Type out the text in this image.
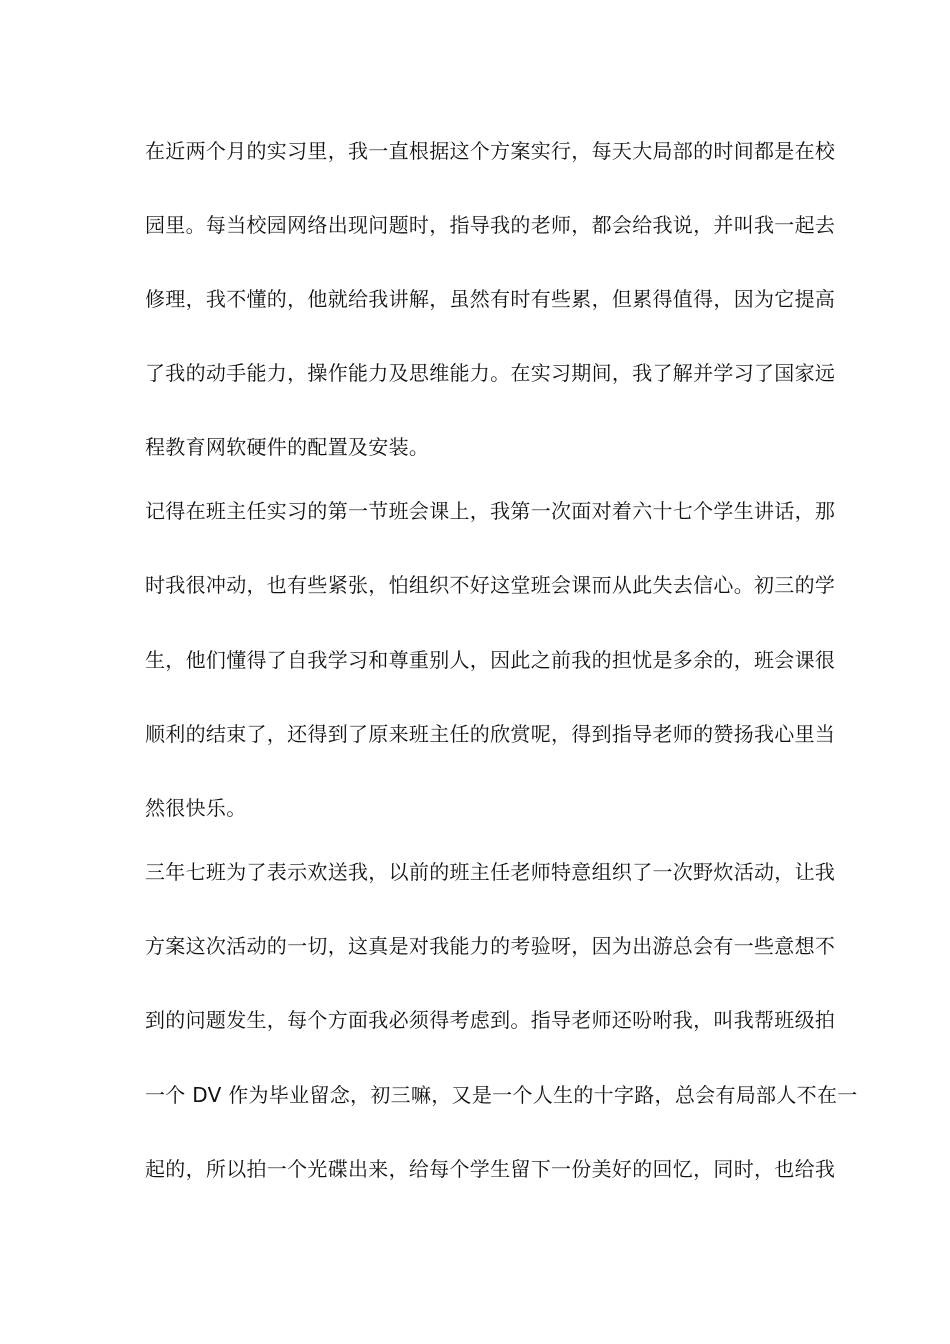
在近两个月的实习里，我一直根据这个方案实行，每天大局部的时间都是在校
园里。每当校园网络出现问题时，指导我的老师，都会给我说，并叫我一起去
修理，我不懂的，他就给我讲解，虽然有时有些累，但累得值得，因为它提高
了我的动手能力，操作能力及思维能力。在实习期间，我了解并学习了国家远
程教育网软硬件的配置及安装。
记得在班主任实习的第一节班会课上，我第一次面对着六十七个学生讲话，那
时我很冲动，也有些紧张，怕组织不好这堂班会课而从此失去信心。初三的学
生，他们懂得了自我学习和尊重别人，因此之前我的担忧是多余的，班会课很
顺利的结束了，还得到了原来班主任的欣赏呢，得到指导老师的赞扬我心里当
然很快乐。
三年七班为了表示欢送我，以前的班主任老师特意组织了一次野炊活动，让我
方案这次活动的一切，这真是对我能力的考验呀，因为出游总会有一些意想不
到的问题发生，每个方面我必须得考虑到。指导老师还吩咐我，叫我帮班级拍
一个 DV 作为毕业留念，初三嘛，又是一个人生的十字路，总会有局部人不在一
起的，所以拍一个光碟出来，给每个学生留下一份美好的回忆，同时，也给我
